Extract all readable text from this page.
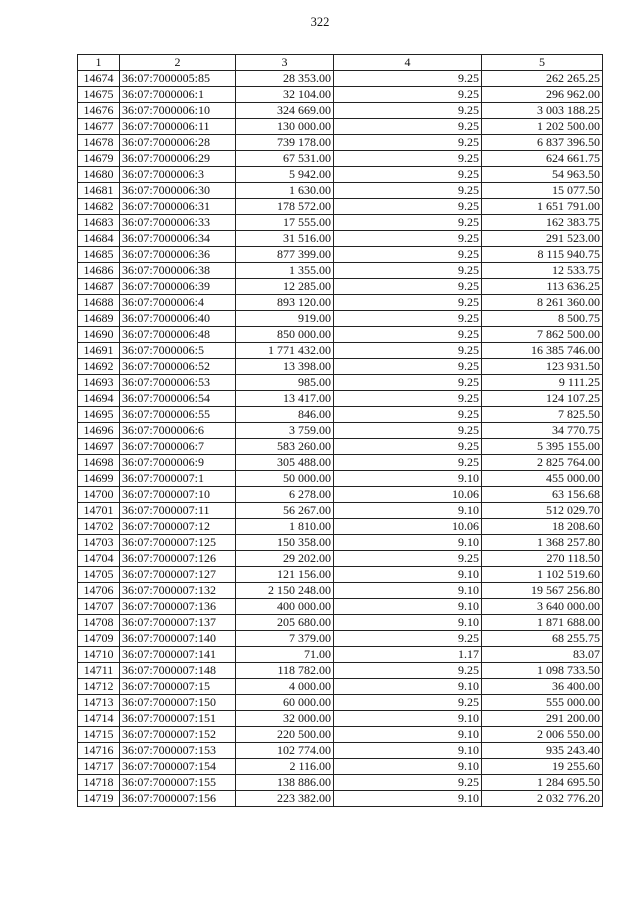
322
1	2	3	4	5
14674	36:07:7000005:85	28 353.00	9.25	262 265.25
14675	36:07:7000006:1	32 104.00	9.25	296 962.00
14676	36:07:7000006:10	324 669.00	9.25	3 003 188.25
14677	36:07:7000006:11	130 000.00	9.25	1 202 500.00
14678	36:07:7000006:28	739 178.00	9.25	6 837 396.50
14679	36:07:7000006:29	67 531.00	9.25	624 661.75
14680	36:07:7000006:3	5 942.00	9.25	54 963.50
14681	36:07:7000006:30	1 630.00	9.25	15 077.50
14682	36:07:7000006:31	178 572.00	9.25	1 651 791.00
14683	36:07:7000006:33	17 555.00	9.25	162 383.75
14684	36:07:7000006:34	31 516.00	9.25	291 523.00
14685	36:07:7000006:36	877 399.00	9.25	8 115 940.75
14686	36:07:7000006:38	1 355.00	9.25	12 533.75
14687	36:07:7000006:39	12 285.00	9.25	113 636.25
14688	36:07:7000006:4	893 120.00	9.25	8 261 360.00
14689	36:07:7000006:40	919.00	9.25	8 500.75
14690	36:07:7000006:48	850 000.00	9.25	7 862 500.00
14691	36:07:7000006:5	1 771 432.00	9.25	16 385 746.00
14692	36:07:7000006:52	13 398.00	9.25	123 931.50
14693	36:07:7000006:53	985.00	9.25	9 111.25
14694	36:07:7000006:54	13 417.00	9.25	124 107.25
14695	36:07:7000006:55	846.00	9.25	7 825.50
14696	36:07:7000006:6	3 759.00	9.25	34 770.75
14697	36:07:7000006:7	583 260.00	9.25	5 395 155.00
14698	36:07:7000006:9	305 488.00	9.25	2 825 764.00
14699	36:07:7000007:1	50 000.00	9.10	455 000.00
14700	36:07:7000007:10	6 278.00	10.06	63 156.68
14701	36:07:7000007:11	56 267.00	9.10	512 029.70
14702	36:07:7000007:12	1 810.00	10.06	18 208.60
14703	36:07:7000007:125	150 358.00	9.10	1 368 257.80
14704	36:07:7000007:126	29 202.00	9.25	270 118.50
14705	36:07:7000007:127	121 156.00	9.10	1 102 519.60
14706	36:07:7000007:132	2 150 248.00	9.10	19 567 256.80
14707	36:07:7000007:136	400 000.00	9.10	3 640 000.00
14708	36:07:7000007:137	205 680.00	9.10	1 871 688.00
14709	36:07:7000007:140	7 379.00	9.25	68 255.75
14710	36:07:7000007:141	71.00	1.17	83.07
14711	36:07:7000007:148	118 782.00	9.25	1 098 733.50
14712	36:07:7000007:15	4 000.00	9.10	36 400.00
14713	36:07:7000007:150	60 000.00	9.25	555 000.00
14714	36:07:7000007:151	32 000.00	9.10	291 200.00
14715	36:07:7000007:152	220 500.00	9.10	2 006 550.00
14716	36:07:7000007:153	102 774.00	9.10	935 243.40
14717	36:07:7000007:154	2 116.00	9.10	19 255.60
14718	36:07:7000007:155	138 886.00	9.25	1 284 695.50
14719	36:07:7000007:156	223 382.00	9.10	2 032 776.20
